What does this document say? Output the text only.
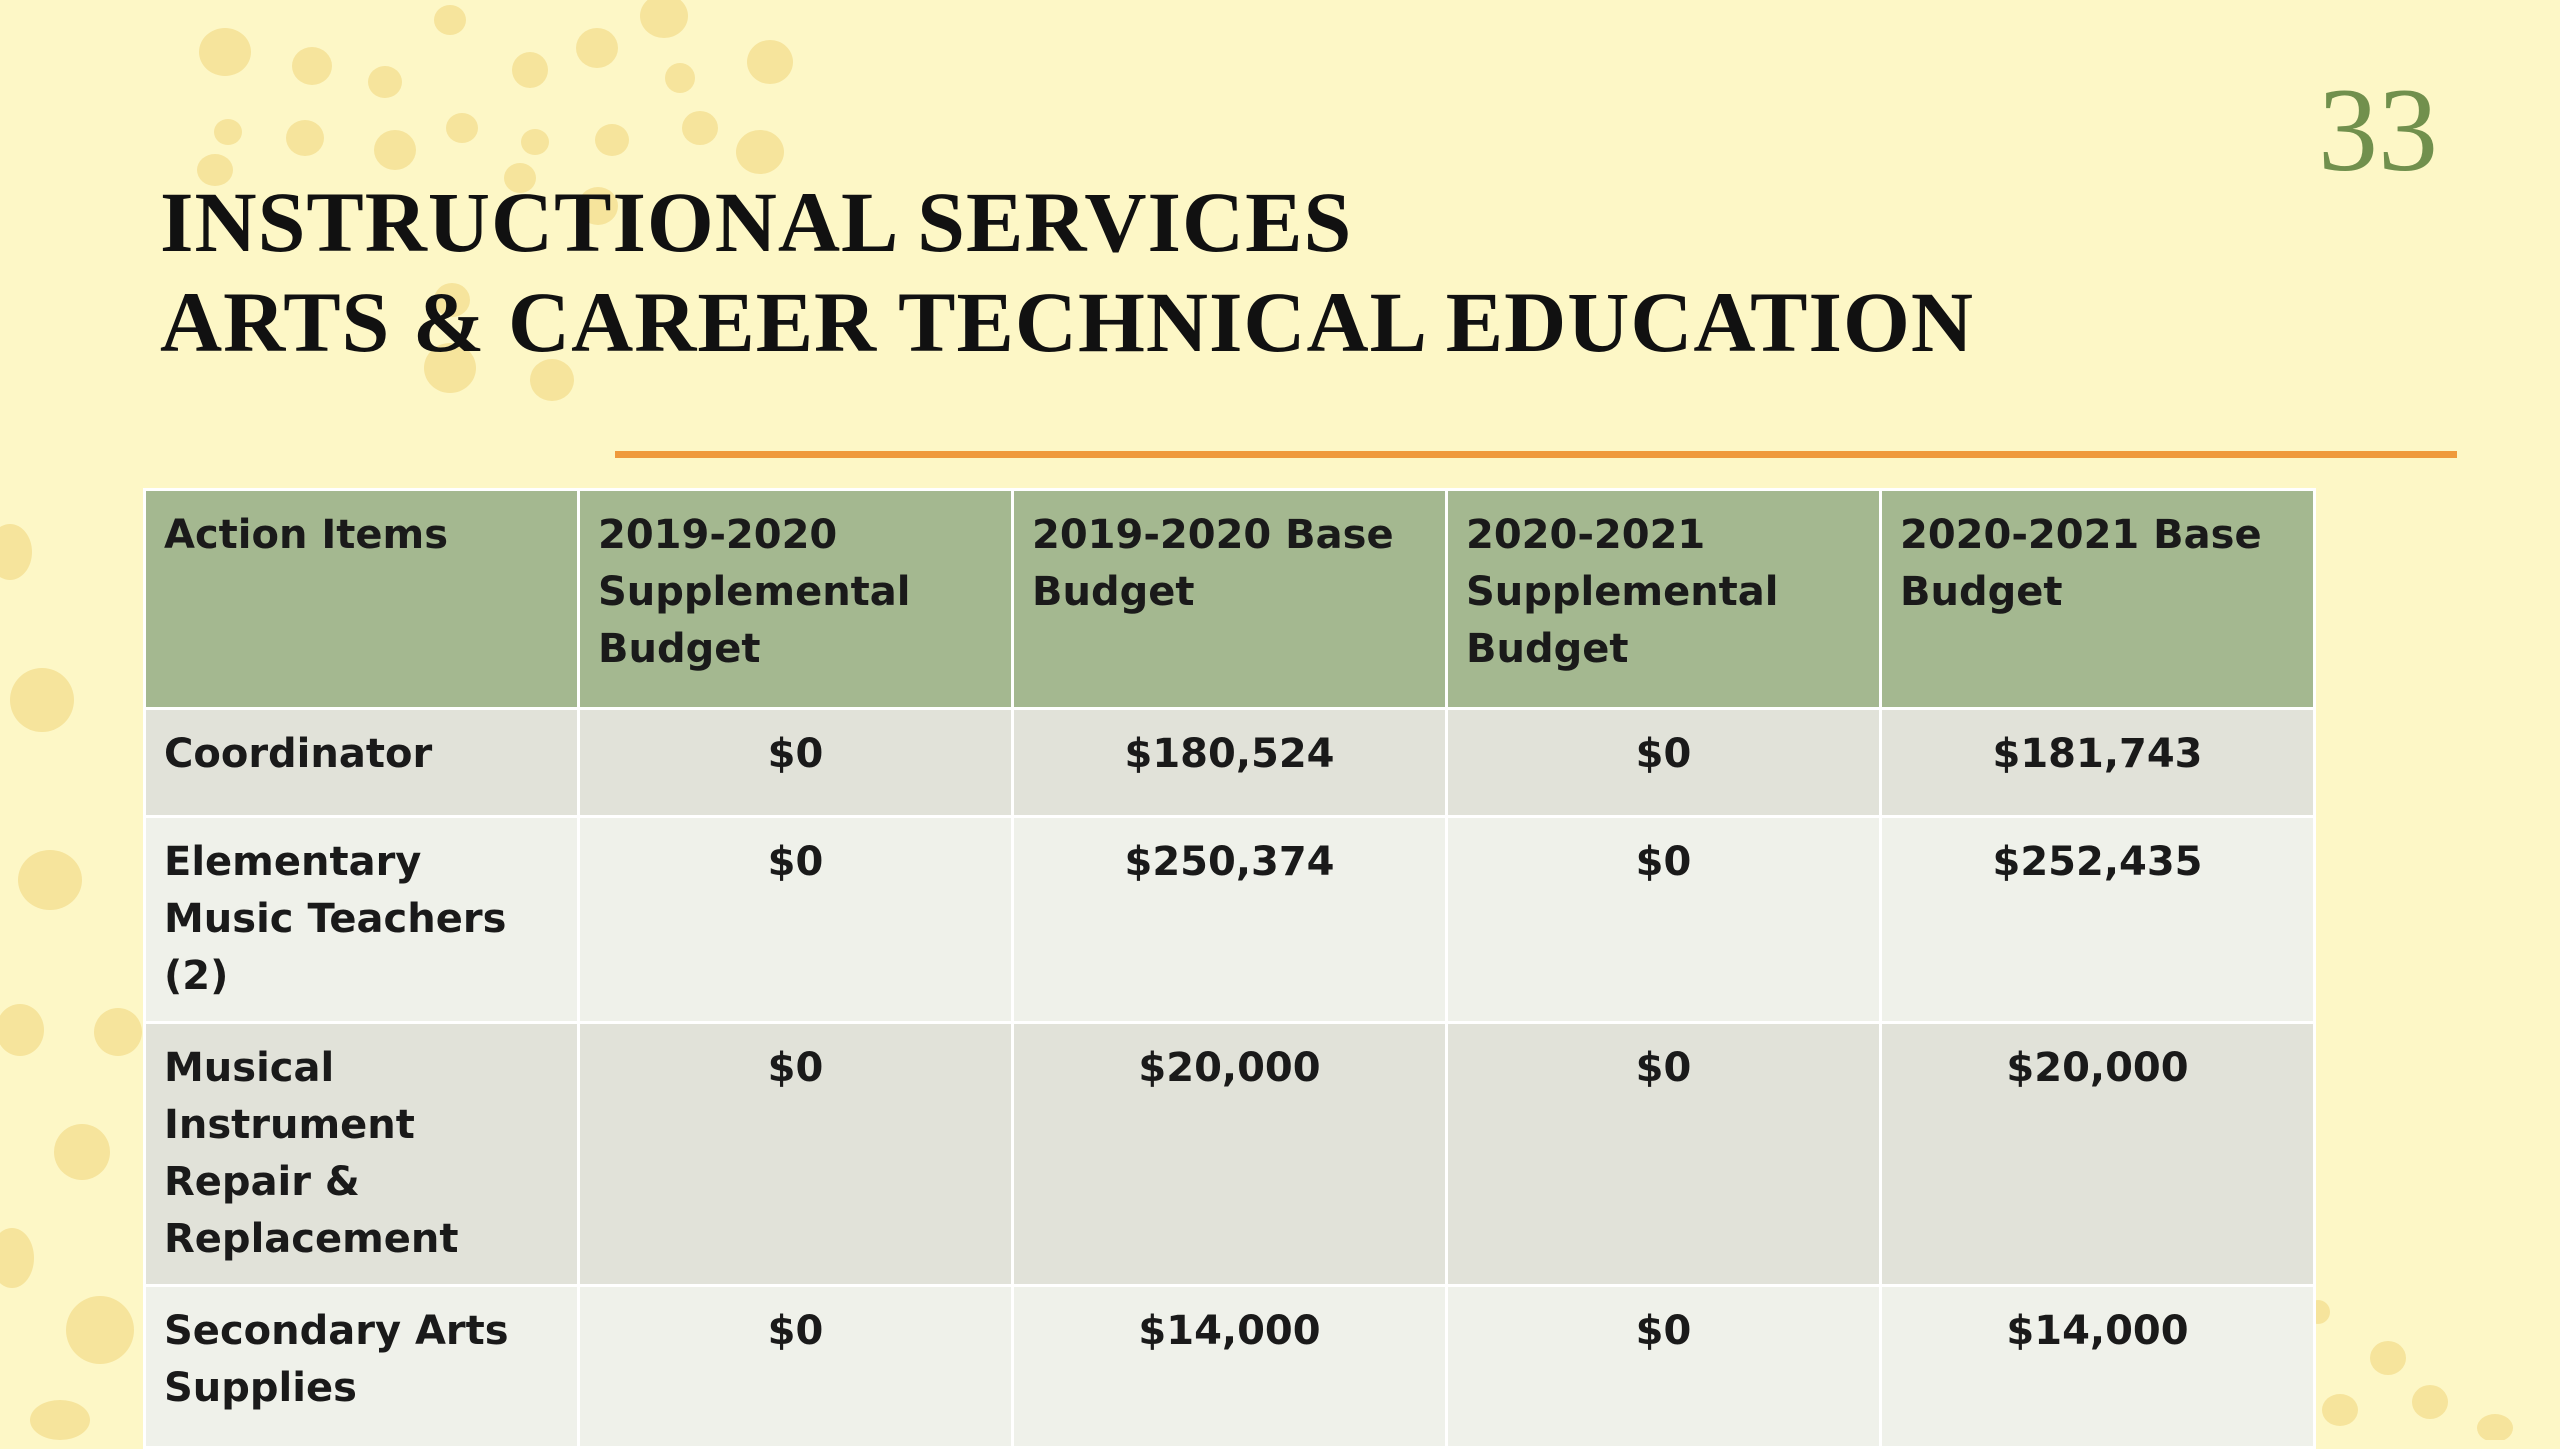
33
INSTRUCTIONAL SERVICES
ARTS & CAREER TECHNICAL EDUCATION
Action Items	2019-2020 Supplemental Budget	2019-2020 Base Budget	2020-2021 Supplemental Budget	2020-2021 Base Budget
Coordinator	$0	$180,524	$0	$181,743
Elementary Music Teachers (2)	$0	$250,374	$0	$252,435
Musical Instrument Repair & Replacement	$0	$20,000	$0	$20,000
Secondary Arts Supplies	$0	$14,000	$0	$14,000
